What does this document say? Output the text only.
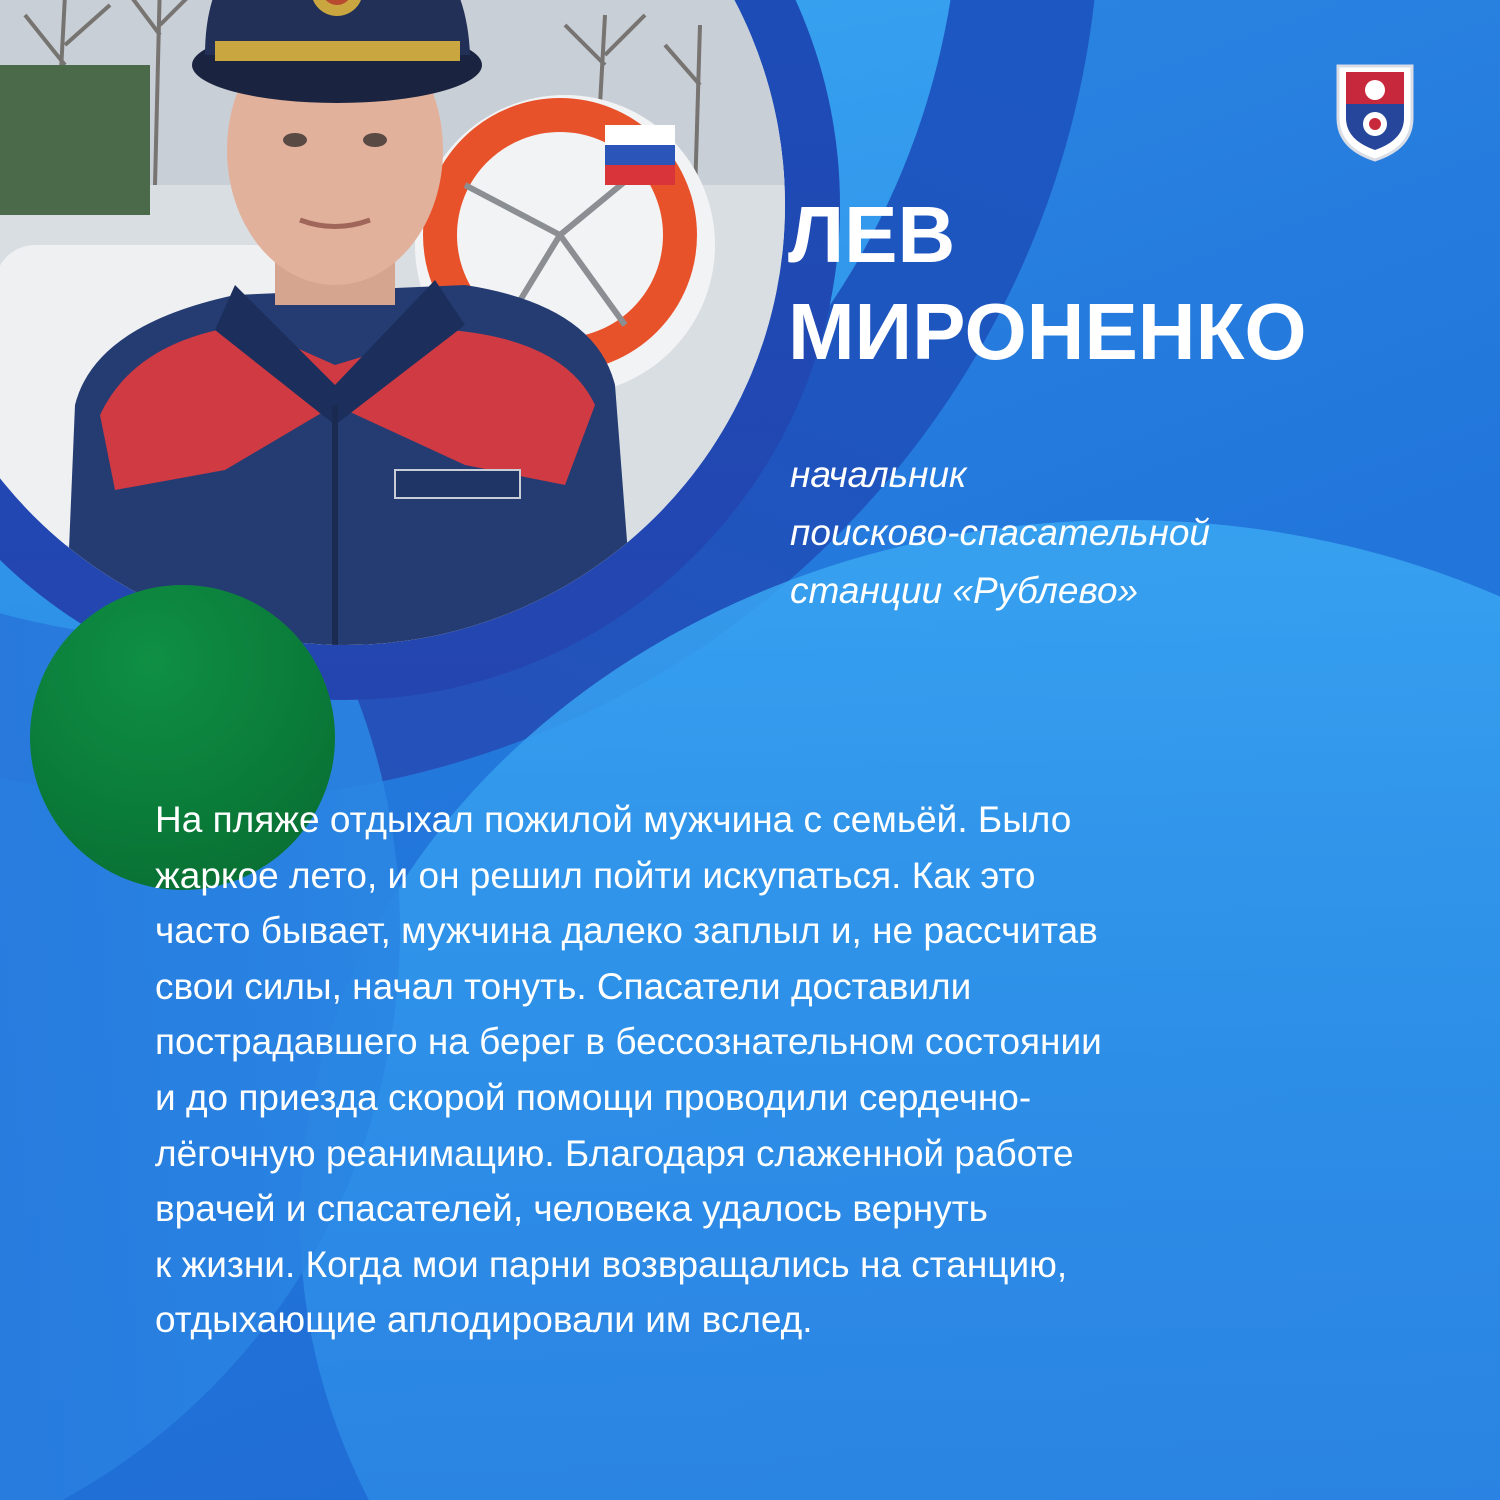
ЛЕВ
МИРОНЕНКО

начальник
поисково-спасательной
станции «Рублево»

На пляже отдыхал пожилой мужчина с семьёй. Было
жаркое лето, и он решил пойти искупаться. Как это
часто бывает, мужчина далеко заплыл и, не рассчитав
свои силы, начал тонуть. Спасатели доставили
пострадавшего на берег в бессознательном состоянии
и до приезда скорой помощи проводили сердечно-
лёгочную реанимацию. Благодаря слаженной работе
врачей и спасателей, человека удалось вернуть
к жизни. Когда мои парни возвращались на станцию,
отдыхающие аплодировали им вслед.
